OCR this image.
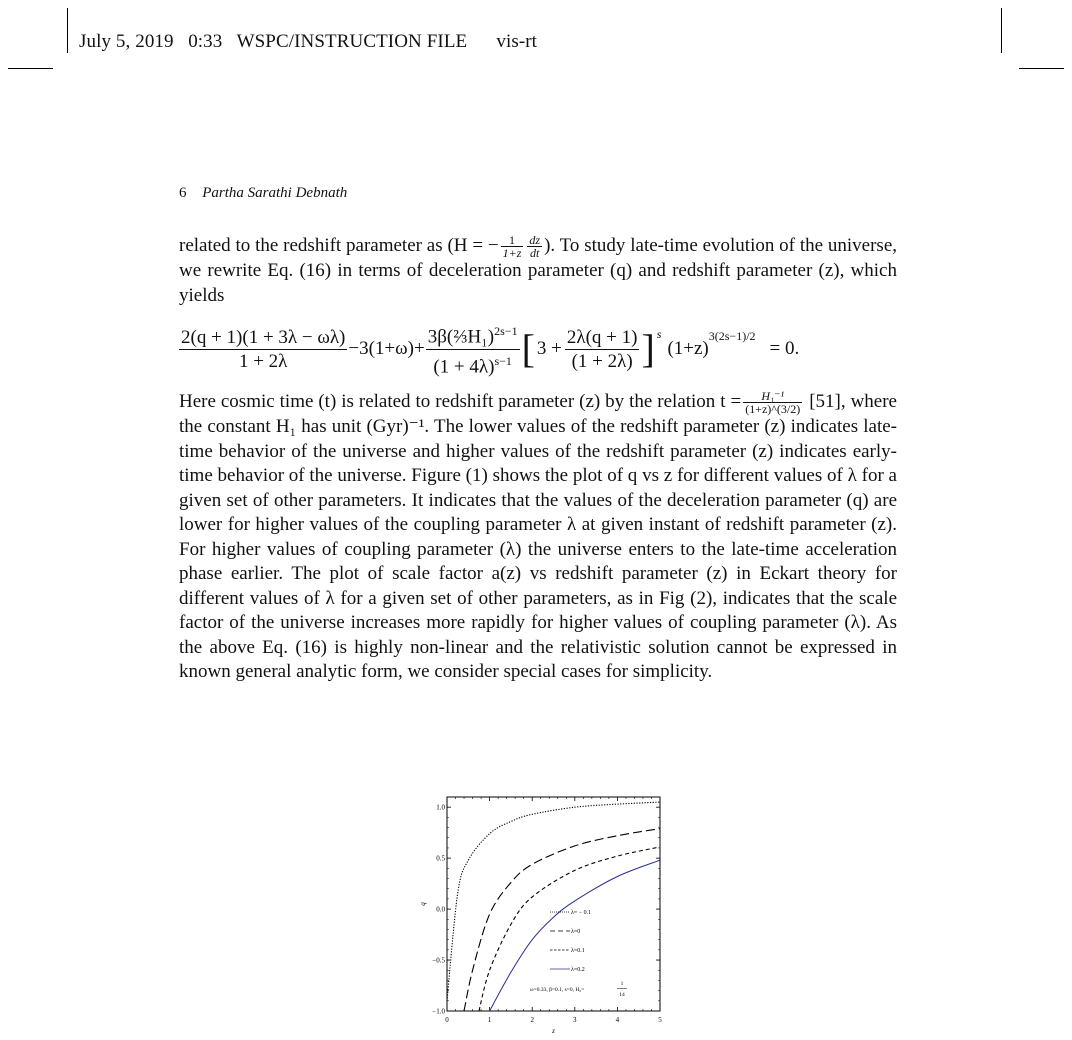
July 5, 2019 0:33 WSPC/INSTRUCTION FILE vis-rt
6 Partha Sarathi Debnath

related to the redshift parameter as (H = − $\frac{1}{1+z} \frac{dz}{dt}$ ). To study late-time evolution of the universe, we rewrite Eq. (16) in terms of deceleration parameter (q) and redshift parameter (z), which yields

2(q + 1)(1 + 3λ − ωλ)
1 + 2λ
$-3(1+\omega)+ \frac{3\beta(\frac{2}{3}H_1)^{2s-1}}{(1 + 4\lambda)^{s-1}}$ [ $3 + \frac{2\lambda(q + 1)}{(1 + 2\lambda)} ]^s$
(1+z)
$^{3(2s-1)/2}$
= 0.

Here cosmic time (t) is related to redshift parameter (z) by the relation $t = \frac{\text{H₁⁻¹}}{(1+z)\^{}(3/2)} [51]$, where the constant H₁ has unit (Gyr)⁻¹. The lower values of the redshift parameter (z) indicates late-time behavior of the universe and higher values of the redshift parameter (z) indicates early-time behavior of the universe. Figure (1) shows the plot of q vs z for different values of λ for a given set of other parameters. It indicates that the values of the deceleration parameter (q) are lower for higher values of the coupling parameter λ at given instant of redshift parameter (z). For higher values of coupling parameter (λ) the universe enters to the late-time acceleration phase earlier. The plot of scale factor a(z) vs redshift parameter (z) in Eckart theory for different values of λ for a given set of other parameters, as in Fig (2), indicates that the scale factor of the universe increases more rapidly for higher values of coupling parameter (λ). As the above Eq. (16) is highly non-linear and the relativistic solution cannot be expressed in known general analytic form, we consider special cases for simplicity.

0	1	2	3	4	5
−1.0
−0.5
0.0
0.5
1.0
z
q
λ= − 0.1
λ=0
λ=0.1
λ=0.2
ω=0.33, β=0.1, s=0, H₀=
1
14
